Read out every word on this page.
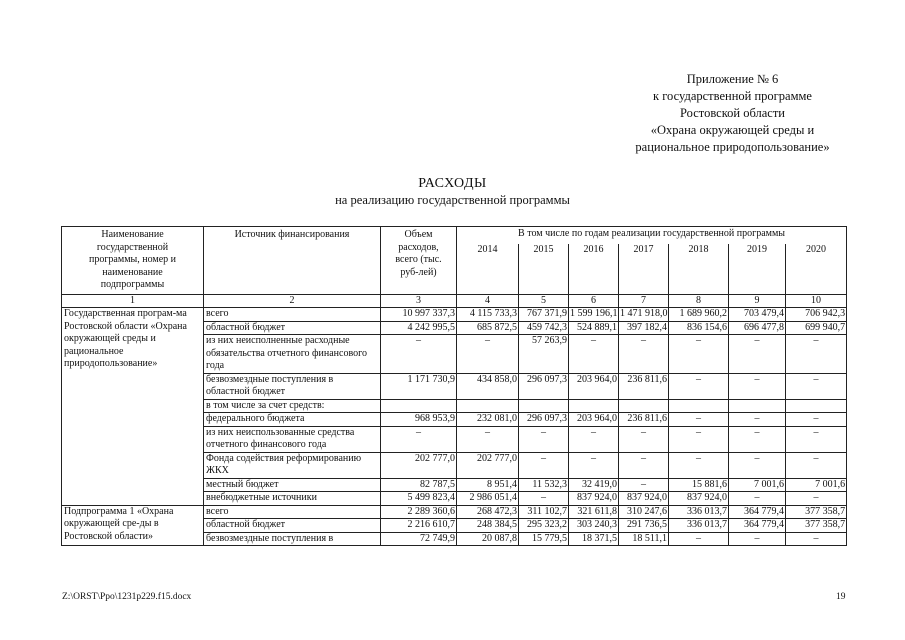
Приложение № 6
к государственной программе
Ростовской области
«Охрана окружающей среды и
рациональное природопользование»
РАСХОДЫ
на реализацию государственной программы
Наименование государственной программы, номер и наименование подпрограммы	Источник финансирования	Объем расходов, всего (тыс. руб-лей)	В том числе по годам реализации государственной программы						
			2014	2015	2016	2017	2018	2019	2020
1	2	3	4	5	6	7	8	9	10
Государственная програм-ма Ростовской области «Охрана окружающей среды и рациональное природопользование»	всего	10 997 337,3	4 115 733,3	767 371,9	1 599 196,1	1 471 918,0	1 689 960,2	703 479,4	706 942,3
	областной бюджет	4 242 995,5	685 872,5	459 742,3	524 889,1	397 182,4	836 154,6	696 477,8	699 940,7
	из них неисполненные расходные обязательства отчетного финансового года	–	–	57 263,9	–	–	–	–	–
	безвозмездные поступления в областной бюджет	1 171 730,9	434 858,0	296 097,3	203 964,0	236 811,6	–	–	–
	в том числе за счет средств:								
	федерального бюджета	968 953,9	232 081,0	296 097,3	203 964,0	236 811,6	–	–	–
	из них неиспользованные средства отчетного финансового года	–	–	–	–	–	–	–	–
	Фонда содействия реформированию ЖКХ	202 777,0	202 777,0	–	–	–	–	–	–
	местный бюджет	82 787,5	8 951,4	11 532,3	32 419,0	–	15 881,6	7 001,6	7 001,6
	внебюджетные источники	5 499 823,4	2 986 051,4	–	837 924,0	837 924,0	837 924,0	–	–
Подпрограмма 1 «Охрана окружающей сре-ды в Ростовской области»	всего	2 289 360,6	268 472,3	311 102,7	321 611,8	310 247,6	336 013,7	364 779,4	377 358,7
	областной бюджет	2 216 610,7	248 384,5	295 323,2	303 240,3	291 736,5	336 013,7	364 779,4	377 358,7
	безвозмездные поступления в	72 749,9	20 087,8	15 779,5	18 371,5	18 511,1	–	–	–
Z:\ORST\Ppo\1231p229.f15.docx	19
